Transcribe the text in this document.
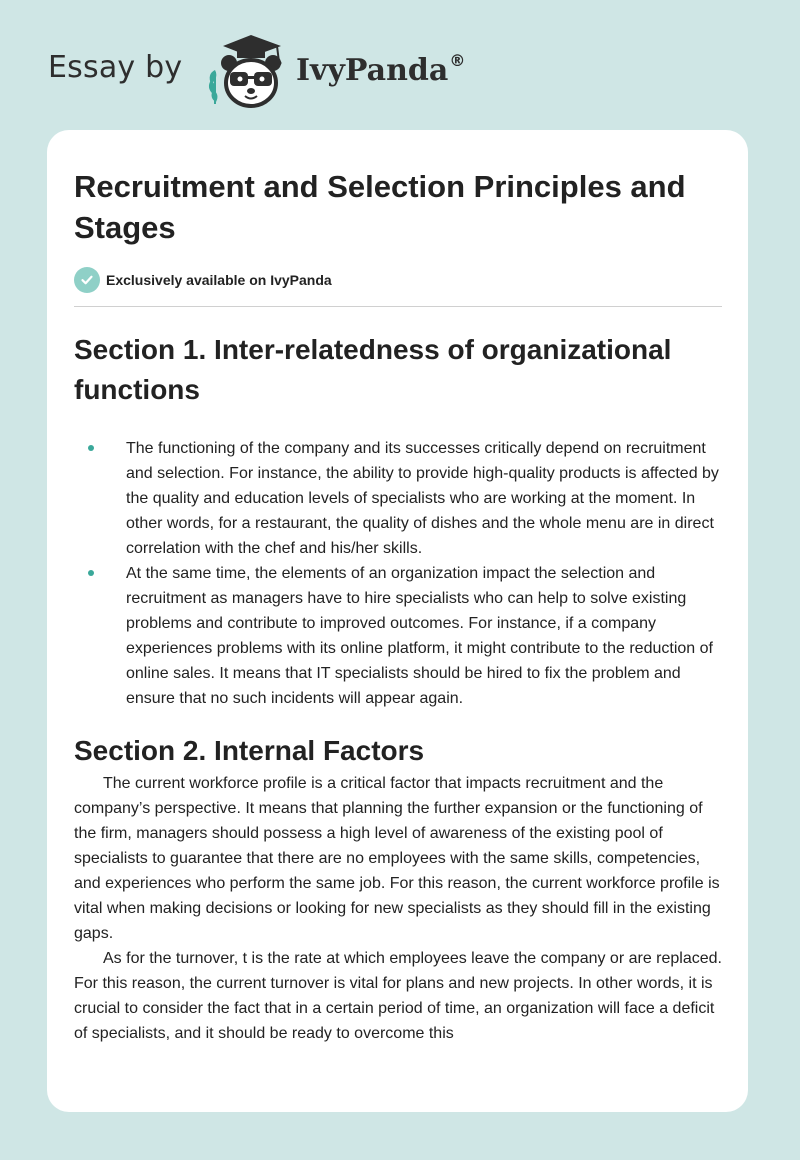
Essay by	IvyPanda®
Recruitment and Selection Principles and Stages
Exclusively available on IvyPanda
Section 1. Inter-relatedness of organizational functions
The functioning of the company and its successes critically depend on recruitment and selection. For instance, the ability to provide high-quality products is affected by the quality and education levels of specialists who are working at the moment. In other words, for a restaurant, the quality of dishes and the whole menu are in direct correlation with the chef and his/her skills.
At the same time, the elements of an organization impact the selection and recruitment as managers have to hire specialists who can help to solve existing problems and contribute to improved outcomes. For instance, if a company experiences problems with its online platform, it might contribute to the reduction of online sales. It means that IT specialists should be hired to fix the problem and ensure that no such incidents will appear again.
Section 2. Internal Factors

The current workforce profile is a critical factor that impacts recruitment and the company’s perspective. It means that planning the further expansion or the functioning of the firm, managers should possess a high level of awareness of the existing pool of specialists to guarantee that there are no employees with the same skills, competencies, and experiences who perform the same job. For this reason, the current workforce profile is vital when making decisions or looking for new specialists as they should fill in the existing gaps.

As for the turnover, t is the rate at which employees leave the company or are replaced. For this reason, the current turnover is vital for plans and new projects. In other words, it is crucial to consider the fact that in a certain period of time, an organization will face a deficit of specialists, and it should be ready to overcome this
